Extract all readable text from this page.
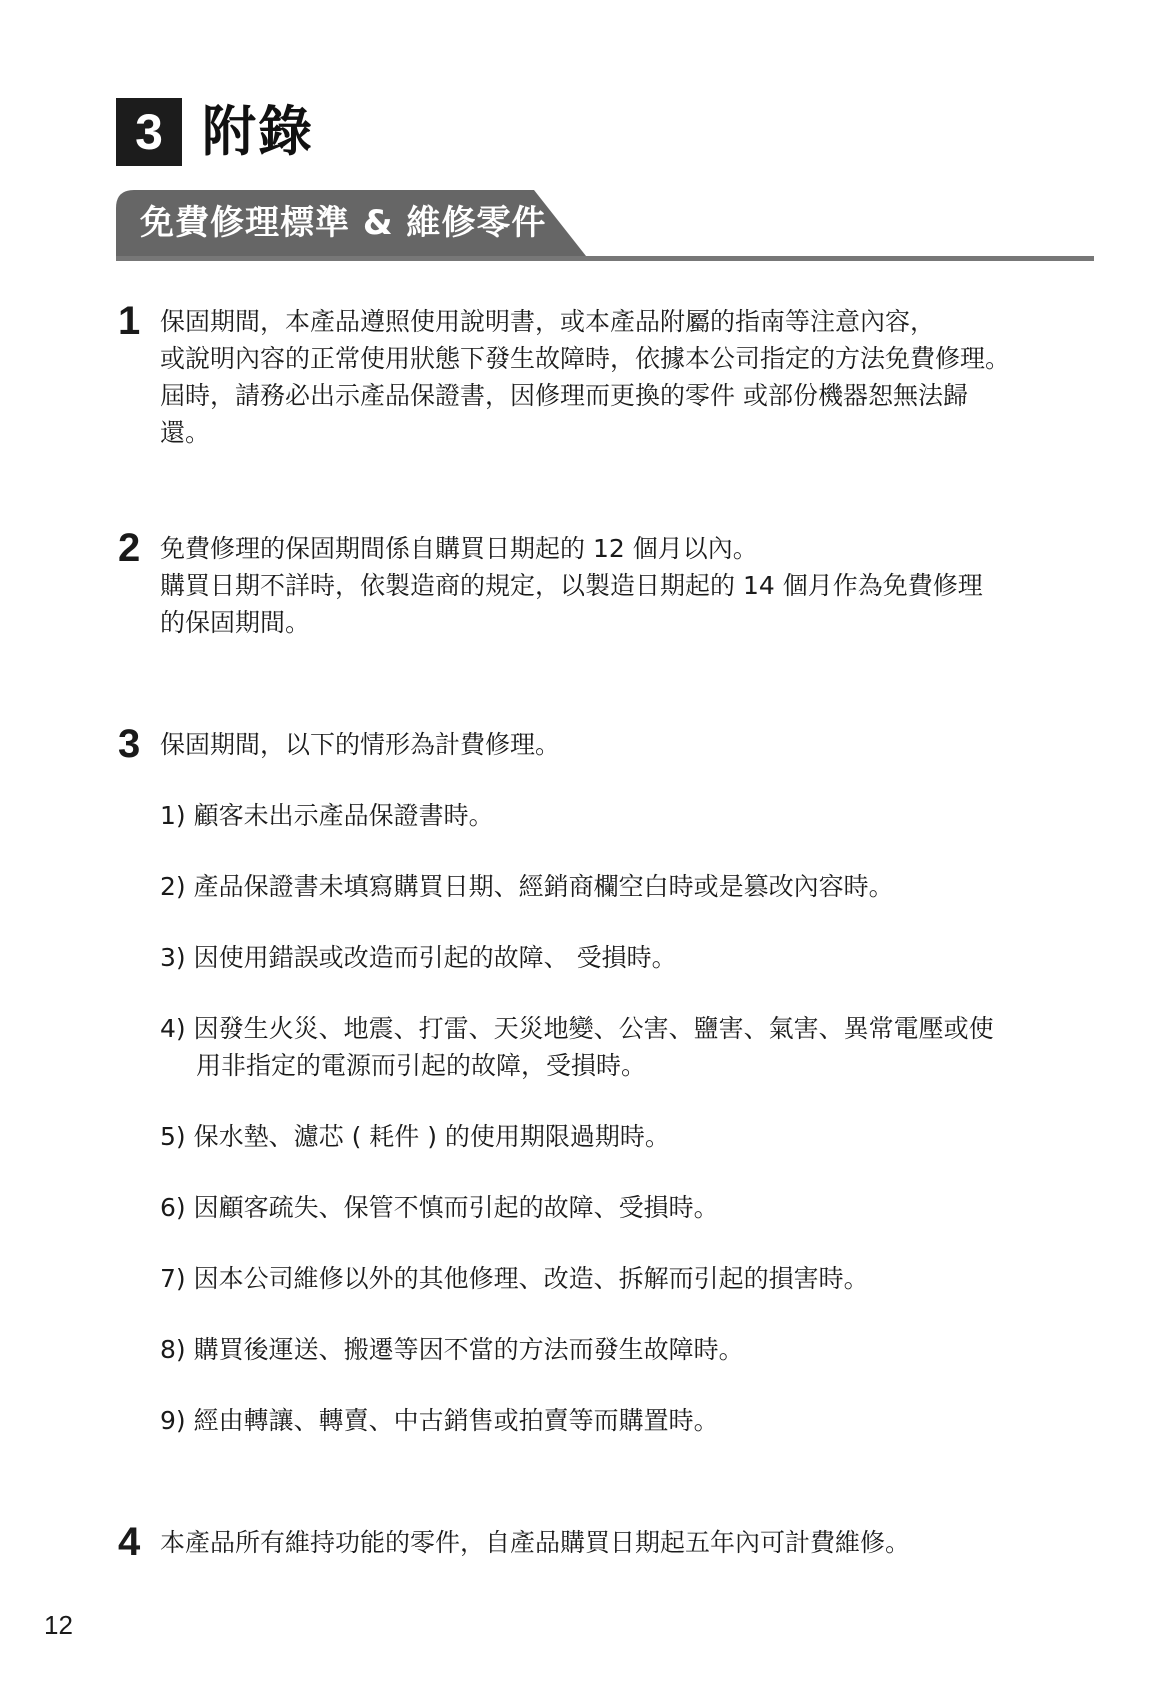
3 附錄
免費修理標準 & 維修零件
1 保固期間，本產品遵照使用說明書，或本產品附屬的指南等注意內容，

或說明內容的正常使用狀態下發生故障時，依據本公司指定的方法免費修理。

屆時，請務必出示產品保證書，因修理而更換的零件 或部份機器恕無法歸

還。

2 免費修理的保固期間係自購買日期起的 12 個月以內。

購買日期不詳時，依製造商的規定，以製造日期起的 14 個月作為免費修理

的保固期間。

3 保固期間，以下的情形為計費修理。

1) 顧客未出示產品保證書時。

2) 產品保證書未填寫購買日期、經銷商欄空白時或是篡改內容時。

3) 因使用錯誤或改造而引起的故障、 受損時。

4) 因發生火災、地震、打雷、天災地變、公害、鹽害、氣害、異常電壓或使

用非指定的電源而引起的故障，受損時。

5) 保水墊、濾芯 ( 耗件 ) 的使用期限過期時。

6) 因顧客疏失、保管不慎而引起的故障、受損時。

7) 因本公司維修以外的其他修理、改造、拆解而引起的損害時。

8) 購買後運送、搬遷等因不當的方法而發生故障時。

9) 經由轉讓、轉賣、中古銷售或拍賣等而購置時。

4 本產品所有維持功能的零件，自產品購買日期起五年內可計費維修。

12
